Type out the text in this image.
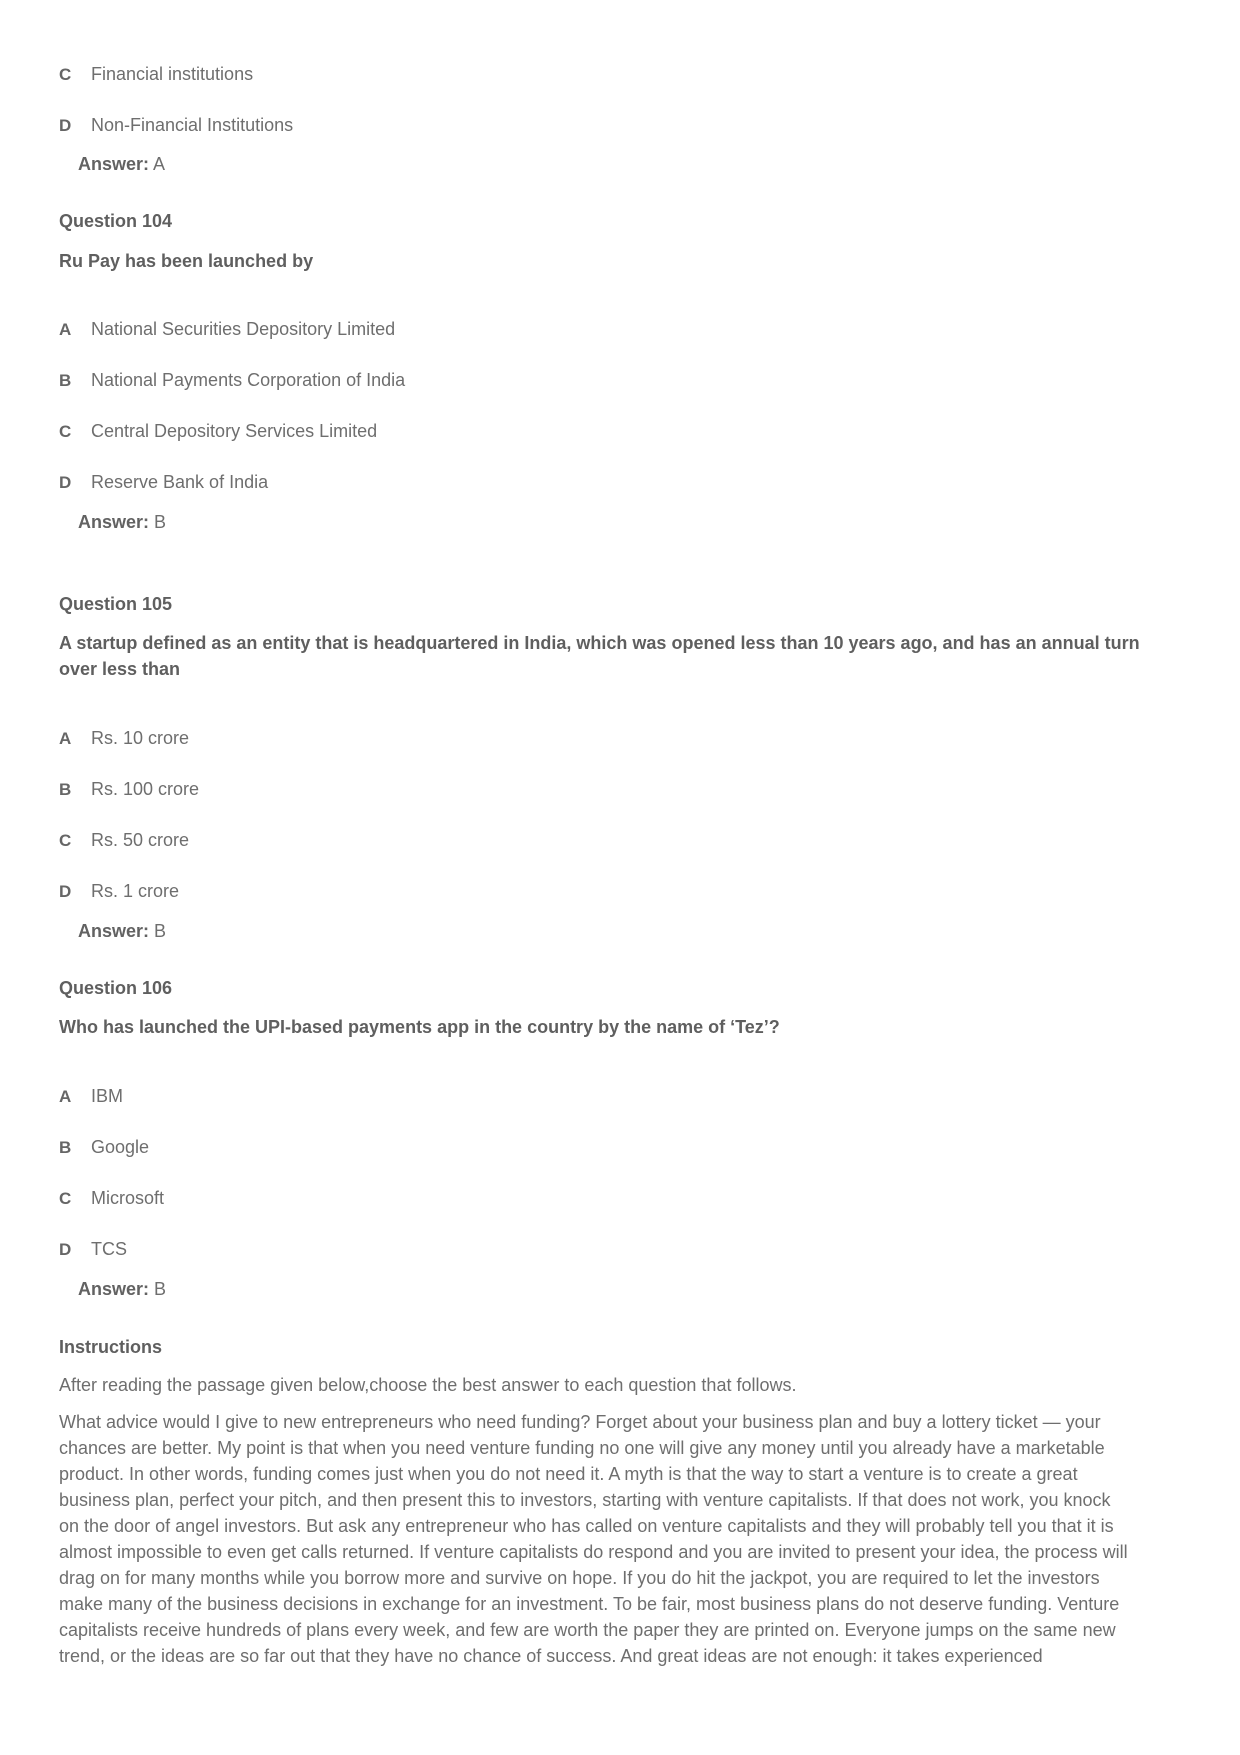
C	Financial institutions
D	Non-Financial Institutions
Answer: A
Question 104
Ru Pay has been launched by
A	National Securities Depository Limited
B	National Payments Corporation of India
C	Central Depository Services Limited
D	Reserve Bank of India
Answer: B
Question 105
A startup defined as an entity that is headquartered in India, which was opened less than 10 years ago, and has an annual turn over less than
A	Rs. 10 crore
B	Rs. 100 crore
C	Rs. 50 crore
D	Rs. 1 crore
Answer: B
Question 106
Who has launched the UPI-based payments app in the country by the name of ‘Tez’?
A	IBM
B	Google
C	Microsoft
D	TCS
Answer: B
Instructions
After reading the passage given below,choose the best answer to each question that follows.
What advice would I give to new entrepreneurs who need funding? Forget about your business plan and buy a lottery ticket — your
chances are better. My point is that when you need venture funding no one will give any money until you already have a marketable
product. In other words, funding comes just when you do not need it. A myth is that the way to start a venture is to create a great
business plan, perfect your pitch, and then present this to investors, starting with venture capitalists. If that does not work, you knock
on the door of angel investors. But ask any entrepreneur who has called on venture capitalists and they will probably tell you that it is
almost impossible to even get calls returned. If venture capitalists do respond and you are invited to present your idea, the process will
drag on for many months while you borrow more and survive on hope. If you do hit the jackpot, you are required to let the investors
make many of the business decisions in exchange for an investment. To be fair, most business plans do not deserve funding. Venture
capitalists receive hundreds of plans every week, and few are worth the paper they are printed on. Everyone jumps on the same new
trend, or the ideas are so far out that they have no chance of success. And great ideas are not enough: it takes experienced
